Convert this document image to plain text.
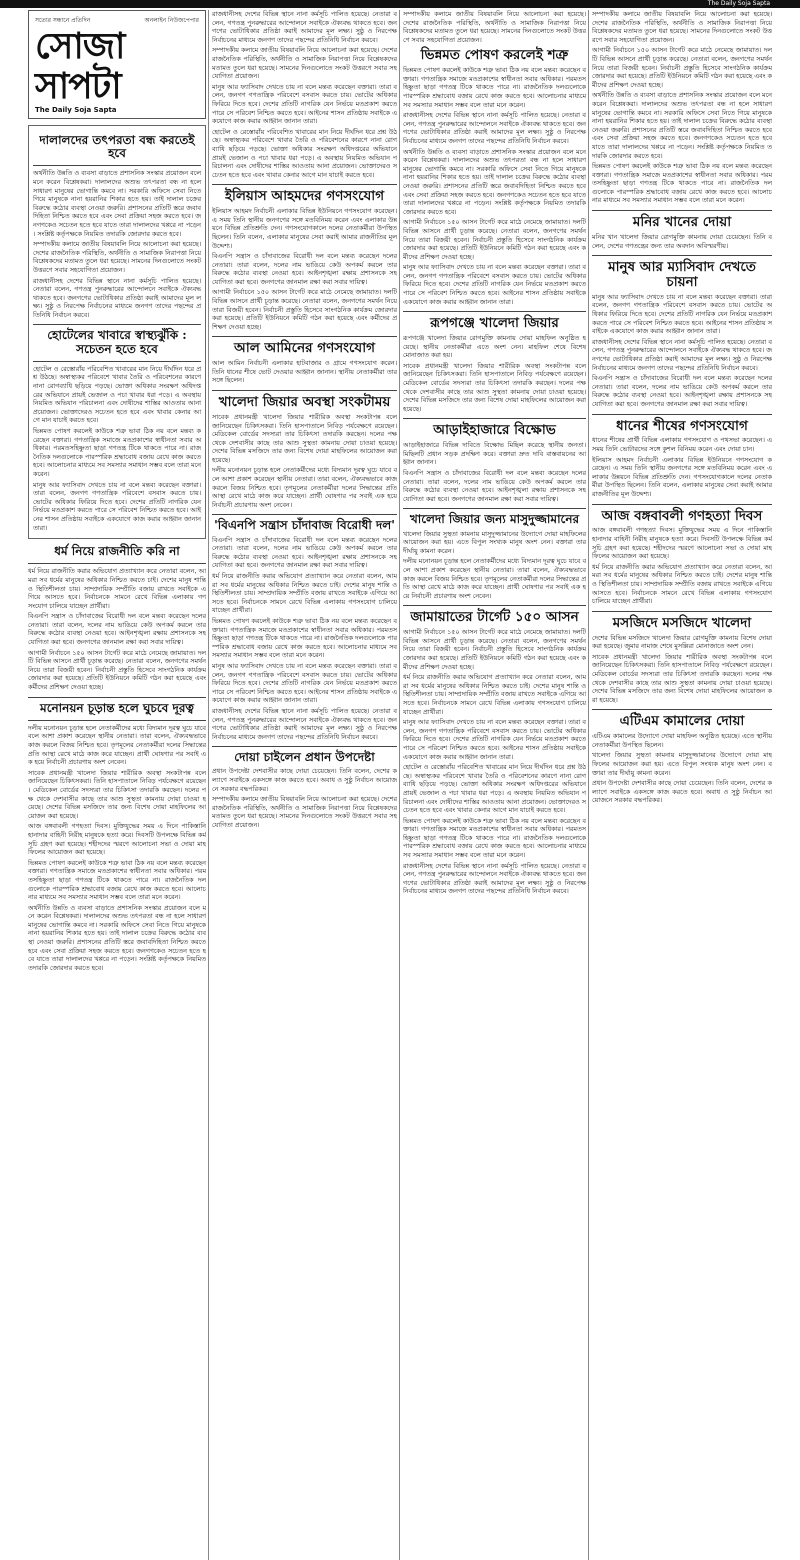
The Daily Soja Sapta
সত্যের সন্ধানে প্রতিদিন	অনলাইন নিউজপেপার
সোজা সাপটা
The Daily Soja Sapta
দালালদের তৎপরতা বন্ধ করতেই হবে

অর্থনীতি উন্নতি ও ব্যবসা বাড়াতে প্রশাসনিক সংস্কার প্রয়োজন বলে মনে করেন বিশ্লেষকরা। দালালদের অশুভ তৎপরতা বন্ধ না হলে সাধারণ মানুষের ভোগান্তি কমবে না। সরকারি অফিসে সেবা নিতে গিয়ে মানুষকে নানা হয়রানির শিকার হতে হয়। তাই দালাল চক্রের বিরুদ্ধে কঠোর ব্যবস্থা নেওয়া জরুরি। প্রশাসনের প্রতিটি স্তরে জবাবদিহিতা নিশ্চিত করতে হবে এবং সেবা প্রক্রিয়া সহজ করতে হবে। জনগণকেও সচেতন হতে হবে যাতে তারা দালালদের খপ্পরে না পড়েন। সংশ্লিষ্ট কর্তৃপক্ষকে নিয়মিত তদারকি জোরদার করতে হবে।

সম্পাদকীয় কলামে জাতীয় বিষয়াবলি নিয়ে আলোচনা করা হয়েছে। দেশের রাজনৈতিক পরিস্থিতি, অর্থনীতি ও সামাজিক নিরাপত্তা নিয়ে বিশ্লেষকদের মতামত তুলে ধরা হয়েছে। সামনের দিনগুলোতে সংকট উত্তরণে সবার সহযোগিতা প্রয়োজন।

রাজধানীসহ দেশের বিভিন্ন স্থানে নানা কর্মসূচি পালিত হয়েছে। নেতারা বলেন, গণতন্ত্র পুনরুদ্ধারের আন্দোলনে সবাইকে ঐক্যবদ্ধ থাকতে হবে। জনগণের ভোটাধিকার প্রতিষ্ঠা করাই আমাদের মূল লক্ষ্য। সুষ্ঠু ও নিরপেক্ষ নির্বাচনের মাধ্যমে জনগণ তাদের পছন্দের প্রতিনিধি নির্বাচন করবে।

হোটেলের খাবারে স্বাস্থ্যঝুঁকি : সচেতন হতে হবে

হোটেল ও রেস্তোরাঁয় পরিবেশিত খাবারের মান নিয়ে দীর্ঘদিন ধরে প্রশ্ন উঠছে। অস্বাস্থ্যকর পরিবেশে খাবার তৈরি ও পরিবেশনের কারণে নানা রোগব্যাধি ছড়িয়ে পড়ছে। ভোক্তা অধিকার সংরক্ষণ অধিদপ্তরের অভিযানে প্রায়ই ভেজাল ও পচা খাবার ধরা পড়ে। এ অবস্থায় নিয়মিত অভিযান পরিচালনা এবং দোষীদের শাস্তির আওতায় আনা প্রয়োজন। ভোক্তাদেরও সচেতন হতে হবে এবং খাবার কেনার আগে মান যাচাই করতে হবে।

ভিন্নমত পোষণ করলেই কাউকে শত্রু ভাবা ঠিক নয় বলে মন্তব্য করেছেন বক্তারা। গণতান্ত্রিক সমাজে মতপ্রকাশের স্বাধীনতা সবার অধিকার। পরমতসহিষ্ণুতা ছাড়া গণতন্ত্র টিকে থাকতে পারে না। রাজনৈতিক দলগুলোকে পারস্পরিক শ্রদ্ধাবোধ বজায় রেখে কাজ করতে হবে। আলোচনার মাধ্যমে সব সমস্যার সমাধান সম্ভব বলে তারা মনে করেন।

মানুষ আর ফ্যাসিবাদ দেখতে চায় না বলে মন্তব্য করেছেন বক্তারা। তারা বলেন, জনগণ গণতান্ত্রিক পরিবেশে বসবাস করতে চায়। ভোটের অধিকার ফিরিয়ে দিতে হবে। দেশের প্রতিটি নাগরিক যেন নির্ভয়ে মতপ্রকাশ করতে পারে সে পরিবেশ নিশ্চিত করতে হবে। আইনের শাসন প্রতিষ্ঠায় সবাইকে একযোগে কাজ করার আহ্বান জানান তারা।

ধর্ম নিয়ে রাজনীতি করি না

ধর্ম নিয়ে রাজনীতি করার অভিযোগ প্রত্যাখ্যান করে নেতারা বলেন, আমরা সব ধর্মের মানুষের অধিকার নিশ্চিত করতে চাই। দেশের মানুষ শান্তি ও স্থিতিশীলতা চায়। সাম্প্রদায়িক সম্প্রীতি বজায় রাখতে সবাইকে এগিয়ে আসতে হবে। নির্বাচনকে সামনে রেখে বিভিন্ন এলাকায় গণসংযোগ চালিয়ে যাচ্ছেন প্রার্থীরা।

বিএনপি সন্ত্রাস ও চাঁদাবাজের বিরোধী দল বলে মন্তব্য করেছেন দলের নেতারা। তারা বলেন, দলের নাম ভাঙিয়ে কেউ অপকর্ম করলে তার বিরুদ্ধে কঠোর ব্যবস্থা নেওয়া হবে। আইনশৃঙ্খলা রক্ষায় প্রশাসনকে সহযোগিতা করা হবে। জনগণের জানমাল রক্ষা করা সবার দায়িত্ব।

আগামী নির্বাচনে ১৫০ আসন টার্গেট করে মাঠে নেমেছে জামায়াত। দলটি বিভিন্ন আসনে প্রার্থী চূড়ান্ত করেছে। নেতারা বলেন, জনগণের সমর্থন নিয়ে তারা বিজয়ী হবেন। নির্বাচনী প্রস্তুতি হিসেবে সাংগঠনিক কার্যক্রম জোরদার করা হয়েছে। প্রতিটি ইউনিয়নে কমিটি গঠন করা হয়েছে এবং কর্মীদের প্রশিক্ষণ দেওয়া হচ্ছে।

মনোনয়ন চূড়ান্ত হলে ঘুচবে দূরত্ব

দলীয় মনোনয়ন চূড়ান্ত হলে নেতাকর্মীদের মধ্যে বিদ্যমান দূরত্ব ঘুচে যাবে বলে আশা প্রকাশ করেছেন স্থানীয় নেতারা। তারা বলেন, ঐক্যবদ্ধভাবে কাজ করলে বিজয় নিশ্চিত হবে। তৃণমূলের নেতাকর্মীরা দলের সিদ্ধান্তের প্রতি আস্থা রেখে মাঠে কাজ করে যাচ্ছেন। প্রার্থী ঘোষণার পর সবাই এক হয়ে নির্বাচনী প্রচারণায় অংশ নেবেন।

সাবেক প্রধানমন্ত্রী খালেদা জিয়ার শারীরিক অবস্থা সংকটাপন্ন বলে জানিয়েছেন চিকিৎসকরা। তিনি হাসপাতালে নিবিড় পর্যবেক্ষণে রয়েছেন। মেডিকেল বোর্ডের সদস্যরা তার চিকিৎসা তদারকি করছেন। দলের পক্ষ থেকে দেশবাসীর কাছে তার আশু সুস্থতা কামনায় দোয়া চাওয়া হয়েছে। দেশের বিভিন্ন মসজিদে তার জন্য বিশেষ দোয়া মাহফিলের আয়োজন করা হয়েছে।

আজ বঙ্গবাবলী গণহত্যা দিবস। মুক্তিযুদ্ধের সময় এ দিনে পাকিস্তানি হানাদার বাহিনী নিরীহ মানুষকে হত্যা করে। দিবসটি উপলক্ষে বিভিন্ন কর্মসূচি গ্রহণ করা হয়েছে। শহীদদের স্মরণে আলোচনা সভা ও দোয়া মাহফিলের আয়োজন করা হয়েছে।

ভিন্নমত পোষণ করলেই কাউকে শত্রু ভাবা ঠিক নয় বলে মন্তব্য করেছেন বক্তারা। গণতান্ত্রিক সমাজে মতপ্রকাশের স্বাধীনতা সবার অধিকার। পরমতসহিষ্ণুতা ছাড়া গণতন্ত্র টিকে থাকতে পারে না। রাজনৈতিক দলগুলোকে পারস্পরিক শ্রদ্ধাবোধ বজায় রেখে কাজ করতে হবে। আলোচনার মাধ্যমে সব সমস্যার সমাধান সম্ভব বলে তারা মনে করেন।

অর্থনীতি উন্নতি ও ব্যবসা বাড়াতে প্রশাসনিক সংস্কার প্রয়োজন বলে মনে করেন বিশ্লেষকরা। দালালদের অশুভ তৎপরতা বন্ধ না হলে সাধারণ মানুষের ভোগান্তি কমবে না। সরকারি অফিসে সেবা নিতে গিয়ে মানুষকে নানা হয়রানির শিকার হতে হয়। তাই দালাল চক্রের বিরুদ্ধে কঠোর ব্যবস্থা নেওয়া জরুরি। প্রশাসনের প্রতিটি স্তরে জবাবদিহিতা নিশ্চিত করতে হবে এবং সেবা প্রক্রিয়া সহজ করতে হবে। জনগণকেও সচেতন হতে হবে যাতে তারা দালালদের খপ্পরে না পড়েন। সংশ্লিষ্ট কর্তৃপক্ষকে নিয়মিত তদারকি জোরদার করতে হবে।

রাজধানীসহ দেশের বিভিন্ন স্থানে নানা কর্মসূচি পালিত হয়েছে। নেতারা বলেন, গণতন্ত্র পুনরুদ্ধারের আন্দোলনে সবাইকে ঐক্যবদ্ধ থাকতে হবে। জনগণের ভোটাধিকার প্রতিষ্ঠা করাই আমাদের মূল লক্ষ্য। সুষ্ঠু ও নিরপেক্ষ নির্বাচনের মাধ্যমে জনগণ তাদের পছন্দের প্রতিনিধি নির্বাচন করবে।

সম্পাদকীয় কলামে জাতীয় বিষয়াবলি নিয়ে আলোচনা করা হয়েছে। দেশের রাজনৈতিক পরিস্থিতি, অর্থনীতি ও সামাজিক নিরাপত্তা নিয়ে বিশ্লেষকদের মতামত তুলে ধরা হয়েছে। সামনের দিনগুলোতে সংকট উত্তরণে সবার সহযোগিতা প্রয়োজন।

মানুষ আর ফ্যাসিবাদ দেখতে চায় না বলে মন্তব্য করেছেন বক্তারা। তারা বলেন, জনগণ গণতান্ত্রিক পরিবেশে বসবাস করতে চায়। ভোটের অধিকার ফিরিয়ে দিতে হবে। দেশের প্রতিটি নাগরিক যেন নির্ভয়ে মতপ্রকাশ করতে পারে সে পরিবেশ নিশ্চিত করতে হবে। আইনের শাসন প্রতিষ্ঠায় সবাইকে একযোগে কাজ করার আহ্বান জানান তারা।

হোটেল ও রেস্তোরাঁয় পরিবেশিত খাবারের মান নিয়ে দীর্ঘদিন ধরে প্রশ্ন উঠছে। অস্বাস্থ্যকর পরিবেশে খাবার তৈরি ও পরিবেশনের কারণে নানা রোগব্যাধি ছড়িয়ে পড়ছে। ভোক্তা অধিকার সংরক্ষণ অধিদপ্তরের অভিযানে প্রায়ই ভেজাল ও পচা খাবার ধরা পড়ে। এ অবস্থায় নিয়মিত অভিযান পরিচালনা এবং দোষীদের শাস্তির আওতায় আনা প্রয়োজন। ভোক্তাদেরও সচেতন হতে হবে এবং খাবার কেনার আগে মান যাচাই করতে হবে।

ইলিয়াস আহমদের গণসংযোগ

ইলিয়াস আহমদ নির্বাচনী এলাকার বিভিন্ন ইউনিয়নে গণসংযোগ করেছেন। এ সময় তিনি স্থানীয় জনগণের সঙ্গে মতবিনিময় করেন এবং এলাকার উন্নয়নে বিভিন্ন প্রতিশ্রুতি দেন। গণসংযোগকালে দলের নেতাকর্মীরা উপস্থিত ছিলেন। তিনি বলেন, এলাকার মানুষের সেবা করাই আমার রাজনীতির মূল উদ্দেশ্য।

বিএনপি সন্ত্রাস ও চাঁদাবাজের বিরোধী দল বলে মন্তব্য করেছেন দলের নেতারা। তারা বলেন, দলের নাম ভাঙিয়ে কেউ অপকর্ম করলে তার বিরুদ্ধে কঠোর ব্যবস্থা নেওয়া হবে। আইনশৃঙ্খলা রক্ষায় প্রশাসনকে সহযোগিতা করা হবে। জনগণের জানমাল রক্ষা করা সবার দায়িত্ব।

আগামী নির্বাচনে ১৫০ আসন টার্গেট করে মাঠে নেমেছে জামায়াত। দলটি বিভিন্ন আসনে প্রার্থী চূড়ান্ত করেছে। নেতারা বলেন, জনগণের সমর্থন নিয়ে তারা বিজয়ী হবেন। নির্বাচনী প্রস্তুতি হিসেবে সাংগঠনিক কার্যক্রম জোরদার করা হয়েছে। প্রতিটি ইউনিয়নে কমিটি গঠন করা হয়েছে এবং কর্মীদের প্রশিক্ষণ দেওয়া হচ্ছে।

আল আমিনের গণসংযোগ

আল আমিন নির্বাচনী এলাকার হাটবাজার ও গ্রামে গণসংযোগ করেন। তিনি ধানের শীষে ভোট দেওয়ার আহ্বান জানান। স্থানীয় নেতাকর্মীরা তার সঙ্গে ছিলেন।

খালেদা জিয়ার অবস্থা সংকটাময়

সাবেক প্রধানমন্ত্রী খালেদা জিয়ার শারীরিক অবস্থা সংকটাপন্ন বলে জানিয়েছেন চিকিৎসকরা। তিনি হাসপাতালে নিবিড় পর্যবেক্ষণে রয়েছেন। মেডিকেল বোর্ডের সদস্যরা তার চিকিৎসা তদারকি করছেন। দলের পক্ষ থেকে দেশবাসীর কাছে তার আশু সুস্থতা কামনায় দোয়া চাওয়া হয়েছে। দেশের বিভিন্ন মসজিদে তার জন্য বিশেষ দোয়া মাহফিলের আয়োজন করা হয়েছে।

দলীয় মনোনয়ন চূড়ান্ত হলে নেতাকর্মীদের মধ্যে বিদ্যমান দূরত্ব ঘুচে যাবে বলে আশা প্রকাশ করেছেন স্থানীয় নেতারা। তারা বলেন, ঐক্যবদ্ধভাবে কাজ করলে বিজয় নিশ্চিত হবে। তৃণমূলের নেতাকর্মীরা দলের সিদ্ধান্তের প্রতি আস্থা রেখে মাঠে কাজ করে যাচ্ছেন। প্রার্থী ঘোষণার পর সবাই এক হয়ে নির্বাচনী প্রচারণায় অংশ নেবেন।

'বিএনপি সন্ত্রাস চাঁদাবাজ বিরোধী দল'

বিএনপি সন্ত্রাস ও চাঁদাবাজের বিরোধী দল বলে মন্তব্য করেছেন দলের নেতারা। তারা বলেন, দলের নাম ভাঙিয়ে কেউ অপকর্ম করলে তার বিরুদ্ধে কঠোর ব্যবস্থা নেওয়া হবে। আইনশৃঙ্খলা রক্ষায় প্রশাসনকে সহযোগিতা করা হবে। জনগণের জানমাল রক্ষা করা সবার দায়িত্ব।

ধর্ম নিয়ে রাজনীতি করার অভিযোগ প্রত্যাখ্যান করে নেতারা বলেন, আমরা সব ধর্মের মানুষের অধিকার নিশ্চিত করতে চাই। দেশের মানুষ শান্তি ও স্থিতিশীলতা চায়। সাম্প্রদায়িক সম্প্রীতি বজায় রাখতে সবাইকে এগিয়ে আসতে হবে। নির্বাচনকে সামনে রেখে বিভিন্ন এলাকায় গণসংযোগ চালিয়ে যাচ্ছেন প্রার্থীরা।

ভিন্নমত পোষণ করলেই কাউকে শত্রু ভাবা ঠিক নয় বলে মন্তব্য করেছেন বক্তারা। গণতান্ত্রিক সমাজে মতপ্রকাশের স্বাধীনতা সবার অধিকার। পরমতসহিষ্ণুতা ছাড়া গণতন্ত্র টিকে থাকতে পারে না। রাজনৈতিক দলগুলোকে পারস্পরিক শ্রদ্ধাবোধ বজায় রেখে কাজ করতে হবে। আলোচনার মাধ্যমে সব সমস্যার সমাধান সম্ভব বলে তারা মনে করেন।

মানুষ আর ফ্যাসিবাদ দেখতে চায় না বলে মন্তব্য করেছেন বক্তারা। তারা বলেন, জনগণ গণতান্ত্রিক পরিবেশে বসবাস করতে চায়। ভোটের অধিকার ফিরিয়ে দিতে হবে। দেশের প্রতিটি নাগরিক যেন নির্ভয়ে মতপ্রকাশ করতে পারে সে পরিবেশ নিশ্চিত করতে হবে। আইনের শাসন প্রতিষ্ঠায় সবাইকে একযোগে কাজ করার আহ্বান জানান তারা।

রাজধানীসহ দেশের বিভিন্ন স্থানে নানা কর্মসূচি পালিত হয়েছে। নেতারা বলেন, গণতন্ত্র পুনরুদ্ধারের আন্দোলনে সবাইকে ঐক্যবদ্ধ থাকতে হবে। জনগণের ভোটাধিকার প্রতিষ্ঠা করাই আমাদের মূল লক্ষ্য। সুষ্ঠু ও নিরপেক্ষ নির্বাচনের মাধ্যমে জনগণ তাদের পছন্দের প্রতিনিধি নির্বাচন করবে।

দোয়া চাইলেন প্রধান উপদেষ্টা

প্রধান উপদেষ্টা দেশবাসীর কাছে দোয়া চেয়েছেন। তিনি বলেন, দেশের কল্যাণে সবাইকে একসঙ্গে কাজ করতে হবে। অবাধ ও সুষ্ঠু নির্বাচন আয়োজনে সরকার বদ্ধপরিকর।

সম্পাদকীয় কলামে জাতীয় বিষয়াবলি নিয়ে আলোচনা করা হয়েছে। দেশের রাজনৈতিক পরিস্থিতি, অর্থনীতি ও সামাজিক নিরাপত্তা নিয়ে বিশ্লেষকদের মতামত তুলে ধরা হয়েছে। সামনের দিনগুলোতে সংকট উত্তরণে সবার সহযোগিতা প্রয়োজন।

সম্পাদকীয় কলামে জাতীয় বিষয়াবলি নিয়ে আলোচনা করা হয়েছে। দেশের রাজনৈতিক পরিস্থিতি, অর্থনীতি ও সামাজিক নিরাপত্তা নিয়ে বিশ্লেষকদের মতামত তুলে ধরা হয়েছে। সামনের দিনগুলোতে সংকট উত্তরণে সবার সহযোগিতা প্রয়োজন।

ভিন্নমত পোষণ করলেই শত্রু

ভিন্নমত পোষণ করলেই কাউকে শত্রু ভাবা ঠিক নয় বলে মন্তব্য করেছেন বক্তারা। গণতান্ত্রিক সমাজে মতপ্রকাশের স্বাধীনতা সবার অধিকার। পরমতসহিষ্ণুতা ছাড়া গণতন্ত্র টিকে থাকতে পারে না। রাজনৈতিক দলগুলোকে পারস্পরিক শ্রদ্ধাবোধ বজায় রেখে কাজ করতে হবে। আলোচনার মাধ্যমে সব সমস্যার সমাধান সম্ভব বলে তারা মনে করেন।

রাজধানীসহ দেশের বিভিন্ন স্থানে নানা কর্মসূচি পালিত হয়েছে। নেতারা বলেন, গণতন্ত্র পুনরুদ্ধারের আন্দোলনে সবাইকে ঐক্যবদ্ধ থাকতে হবে। জনগণের ভোটাধিকার প্রতিষ্ঠা করাই আমাদের মূল লক্ষ্য। সুষ্ঠু ও নিরপেক্ষ নির্বাচনের মাধ্যমে জনগণ তাদের পছন্দের প্রতিনিধি নির্বাচন করবে।

অর্থনীতি উন্নতি ও ব্যবসা বাড়াতে প্রশাসনিক সংস্কার প্রয়োজন বলে মনে করেন বিশ্লেষকরা। দালালদের অশুভ তৎপরতা বন্ধ না হলে সাধারণ মানুষের ভোগান্তি কমবে না। সরকারি অফিসে সেবা নিতে গিয়ে মানুষকে নানা হয়রানির শিকার হতে হয়। তাই দালাল চক্রের বিরুদ্ধে কঠোর ব্যবস্থা নেওয়া জরুরি। প্রশাসনের প্রতিটি স্তরে জবাবদিহিতা নিশ্চিত করতে হবে এবং সেবা প্রক্রিয়া সহজ করতে হবে। জনগণকেও সচেতন হতে হবে যাতে তারা দালালদের খপ্পরে না পড়েন। সংশ্লিষ্ট কর্তৃপক্ষকে নিয়মিত তদারকি জোরদার করতে হবে।

আগামী নির্বাচনে ১৫০ আসন টার্গেট করে মাঠে নেমেছে জামায়াত। দলটি বিভিন্ন আসনে প্রার্থী চূড়ান্ত করেছে। নেতারা বলেন, জনগণের সমর্থন নিয়ে তারা বিজয়ী হবেন। নির্বাচনী প্রস্তুতি হিসেবে সাংগঠনিক কার্যক্রম জোরদার করা হয়েছে। প্রতিটি ইউনিয়নে কমিটি গঠন করা হয়েছে এবং কর্মীদের প্রশিক্ষণ দেওয়া হচ্ছে।

মানুষ আর ফ্যাসিবাদ দেখতে চায় না বলে মন্তব্য করেছেন বক্তারা। তারা বলেন, জনগণ গণতান্ত্রিক পরিবেশে বসবাস করতে চায়। ভোটের অধিকার ফিরিয়ে দিতে হবে। দেশের প্রতিটি নাগরিক যেন নির্ভয়ে মতপ্রকাশ করতে পারে সে পরিবেশ নিশ্চিত করতে হবে। আইনের শাসন প্রতিষ্ঠায় সবাইকে একযোগে কাজ করার আহ্বান জানান তারা।

রূপগঞ্জে খালেদা জিয়ার

রূপগঞ্জে খালেদা জিয়ার রোগমুক্তি কামনায় দোয়া মাহফিল অনুষ্ঠিত হয়েছে। স্থানীয় নেতাকর্মীরা এতে অংশ নেন। মাহফিল শেষে বিশেষ মোনাজাত করা হয়।

সাবেক প্রধানমন্ত্রী খালেদা জিয়ার শারীরিক অবস্থা সংকটাপন্ন বলে জানিয়েছেন চিকিৎসকরা। তিনি হাসপাতালে নিবিড় পর্যবেক্ষণে রয়েছেন। মেডিকেল বোর্ডের সদস্যরা তার চিকিৎসা তদারকি করছেন। দলের পক্ষ থেকে দেশবাসীর কাছে তার আশু সুস্থতা কামনায় দোয়া চাওয়া হয়েছে। দেশের বিভিন্ন মসজিদে তার জন্য বিশেষ দোয়া মাহফিলের আয়োজন করা হয়েছে।

আড়াইহাজারে বিক্ষোভ

আড়াইহাজারে বিভিন্ন দাবিতে বিক্ষোভ মিছিল করেছে স্থানীয় জনতা। মিছিলটি প্রধান সড়ক প্রদক্ষিণ করে। বক্তারা দ্রুত দাবি বাস্তবায়নের আহ্বান জানান।

বিএনপি সন্ত্রাস ও চাঁদাবাজের বিরোধী দল বলে মন্তব্য করেছেন দলের নেতারা। তারা বলেন, দলের নাম ভাঙিয়ে কেউ অপকর্ম করলে তার বিরুদ্ধে কঠোর ব্যবস্থা নেওয়া হবে। আইনশৃঙ্খলা রক্ষায় প্রশাসনকে সহযোগিতা করা হবে। জনগণের জানমাল রক্ষা করা সবার দায়িত্ব।

খালেদা জিয়ার জন্য মাসুদুজ্জামানের

খালেদা জিয়ার সুস্থতা কামনায় মাসুদুজ্জামানের উদ্যোগে দোয়া মাহফিলের আয়োজন করা হয়। এতে বিপুল সংখ্যক মানুষ অংশ নেন। বক্তারা তার দীর্ঘায়ু কামনা করেন।

দলীয় মনোনয়ন চূড়ান্ত হলে নেতাকর্মীদের মধ্যে বিদ্যমান দূরত্ব ঘুচে যাবে বলে আশা প্রকাশ করেছেন স্থানীয় নেতারা। তারা বলেন, ঐক্যবদ্ধভাবে কাজ করলে বিজয় নিশ্চিত হবে। তৃণমূলের নেতাকর্মীরা দলের সিদ্ধান্তের প্রতি আস্থা রেখে মাঠে কাজ করে যাচ্ছেন। প্রার্থী ঘোষণার পর সবাই এক হয়ে নির্বাচনী প্রচারণায় অংশ নেবেন।

জামায়াতের টার্গেট ১৫০ আসন

আগামী নির্বাচনে ১৫০ আসন টার্গেট করে মাঠে নেমেছে জামায়াত। দলটি বিভিন্ন আসনে প্রার্থী চূড়ান্ত করেছে। নেতারা বলেন, জনগণের সমর্থন নিয়ে তারা বিজয়ী হবেন। নির্বাচনী প্রস্তুতি হিসেবে সাংগঠনিক কার্যক্রম জোরদার করা হয়েছে। প্রতিটি ইউনিয়নে কমিটি গঠন করা হয়েছে এবং কর্মীদের প্রশিক্ষণ দেওয়া হচ্ছে।

ধর্ম নিয়ে রাজনীতি করার অভিযোগ প্রত্যাখ্যান করে নেতারা বলেন, আমরা সব ধর্মের মানুষের অধিকার নিশ্চিত করতে চাই। দেশের মানুষ শান্তি ও স্থিতিশীলতা চায়। সাম্প্রদায়িক সম্প্রীতি বজায় রাখতে সবাইকে এগিয়ে আসতে হবে। নির্বাচনকে সামনে রেখে বিভিন্ন এলাকায় গণসংযোগ চালিয়ে যাচ্ছেন প্রার্থীরা।

মানুষ আর ফ্যাসিবাদ দেখতে চায় না বলে মন্তব্য করেছেন বক্তারা। তারা বলেন, জনগণ গণতান্ত্রিক পরিবেশে বসবাস করতে চায়। ভোটের অধিকার ফিরিয়ে দিতে হবে। দেশের প্রতিটি নাগরিক যেন নির্ভয়ে মতপ্রকাশ করতে পারে সে পরিবেশ নিশ্চিত করতে হবে। আইনের শাসন প্রতিষ্ঠায় সবাইকে একযোগে কাজ করার আহ্বান জানান তারা।

হোটেল ও রেস্তোরাঁয় পরিবেশিত খাবারের মান নিয়ে দীর্ঘদিন ধরে প্রশ্ন উঠছে। অস্বাস্থ্যকর পরিবেশে খাবার তৈরি ও পরিবেশনের কারণে নানা রোগব্যাধি ছড়িয়ে পড়ছে। ভোক্তা অধিকার সংরক্ষণ অধিদপ্তরের অভিযানে প্রায়ই ভেজাল ও পচা খাবার ধরা পড়ে। এ অবস্থায় নিয়মিত অভিযান পরিচালনা এবং দোষীদের শাস্তির আওতায় আনা প্রয়োজন। ভোক্তাদেরও সচেতন হতে হবে এবং খাবার কেনার আগে মান যাচাই করতে হবে।

ভিন্নমত পোষণ করলেই কাউকে শত্রু ভাবা ঠিক নয় বলে মন্তব্য করেছেন বক্তারা। গণতান্ত্রিক সমাজে মতপ্রকাশের স্বাধীনতা সবার অধিকার। পরমতসহিষ্ণুতা ছাড়া গণতন্ত্র টিকে থাকতে পারে না। রাজনৈতিক দলগুলোকে পারস্পরিক শ্রদ্ধাবোধ বজায় রেখে কাজ করতে হবে। আলোচনার মাধ্যমে সব সমস্যার সমাধান সম্ভব বলে তারা মনে করেন।

রাজধানীসহ দেশের বিভিন্ন স্থানে নানা কর্মসূচি পালিত হয়েছে। নেতারা বলেন, গণতন্ত্র পুনরুদ্ধারের আন্দোলনে সবাইকে ঐক্যবদ্ধ থাকতে হবে। জনগণের ভোটাধিকার প্রতিষ্ঠা করাই আমাদের মূল লক্ষ্য। সুষ্ঠু ও নিরপেক্ষ নির্বাচনের মাধ্যমে জনগণ তাদের পছন্দের প্রতিনিধি নির্বাচন করবে।

সম্পাদকীয় কলামে জাতীয় বিষয়াবলি নিয়ে আলোচনা করা হয়েছে। দেশের রাজনৈতিক পরিস্থিতি, অর্থনীতি ও সামাজিক নিরাপত্তা নিয়ে বিশ্লেষকদের মতামত তুলে ধরা হয়েছে। সামনের দিনগুলোতে সংকট উত্তরণে সবার সহযোগিতা প্রয়োজন।

আগামী নির্বাচনে ১৫০ আসন টার্গেট করে মাঠে নেমেছে জামায়াত। দলটি বিভিন্ন আসনে প্রার্থী চূড়ান্ত করেছে। নেতারা বলেন, জনগণের সমর্থন নিয়ে তারা বিজয়ী হবেন। নির্বাচনী প্রস্তুতি হিসেবে সাংগঠনিক কার্যক্রম জোরদার করা হয়েছে। প্রতিটি ইউনিয়নে কমিটি গঠন করা হয়েছে এবং কর্মীদের প্রশিক্ষণ দেওয়া হচ্ছে।

অর্থনীতি উন্নতি ও ব্যবসা বাড়াতে প্রশাসনিক সংস্কার প্রয়োজন বলে মনে করেন বিশ্লেষকরা। দালালদের অশুভ তৎপরতা বন্ধ না হলে সাধারণ মানুষের ভোগান্তি কমবে না। সরকারি অফিসে সেবা নিতে গিয়ে মানুষকে নানা হয়রানির শিকার হতে হয়। তাই দালাল চক্রের বিরুদ্ধে কঠোর ব্যবস্থা নেওয়া জরুরি। প্রশাসনের প্রতিটি স্তরে জবাবদিহিতা নিশ্চিত করতে হবে এবং সেবা প্রক্রিয়া সহজ করতে হবে। জনগণকেও সচেতন হতে হবে যাতে তারা দালালদের খপ্পরে না পড়েন। সংশ্লিষ্ট কর্তৃপক্ষকে নিয়মিত তদারকি জোরদার করতে হবে।

ভিন্নমত পোষণ করলেই কাউকে শত্রু ভাবা ঠিক নয় বলে মন্তব্য করেছেন বক্তারা। গণতান্ত্রিক সমাজে মতপ্রকাশের স্বাধীনতা সবার অধিকার। পরমতসহিষ্ণুতা ছাড়া গণতন্ত্র টিকে থাকতে পারে না। রাজনৈতিক দলগুলোকে পারস্পরিক শ্রদ্ধাবোধ বজায় রেখে কাজ করতে হবে। আলোচনার মাধ্যমে সব সমস্যার সমাধান সম্ভব বলে তারা মনে করেন।

মনির খানের দোয়া

মনির খান খালেদা জিয়ার রোগমুক্তি কামনায় দোয়া চেয়েছেন। তিনি বলেন, দেশের গণতন্ত্রের জন্য তার অবদান অবিস্মরণীয়।

মানুষ আর ম্যাসিবাদ দেখতে চায়না

মানুষ আর ফ্যাসিবাদ দেখতে চায় না বলে মন্তব্য করেছেন বক্তারা। তারা বলেন, জনগণ গণতান্ত্রিক পরিবেশে বসবাস করতে চায়। ভোটের অধিকার ফিরিয়ে দিতে হবে। দেশের প্রতিটি নাগরিক যেন নির্ভয়ে মতপ্রকাশ করতে পারে সে পরিবেশ নিশ্চিত করতে হবে। আইনের শাসন প্রতিষ্ঠায় সবাইকে একযোগে কাজ করার আহ্বান জানান তারা।

রাজধানীসহ দেশের বিভিন্ন স্থানে নানা কর্মসূচি পালিত হয়েছে। নেতারা বলেন, গণতন্ত্র পুনরুদ্ধারের আন্দোলনে সবাইকে ঐক্যবদ্ধ থাকতে হবে। জনগণের ভোটাধিকার প্রতিষ্ঠা করাই আমাদের মূল লক্ষ্য। সুষ্ঠু ও নিরপেক্ষ নির্বাচনের মাধ্যমে জনগণ তাদের পছন্দের প্রতিনিধি নির্বাচন করবে।

বিএনপি সন্ত্রাস ও চাঁদাবাজের বিরোধী দল বলে মন্তব্য করেছেন দলের নেতারা। তারা বলেন, দলের নাম ভাঙিয়ে কেউ অপকর্ম করলে তার বিরুদ্ধে কঠোর ব্যবস্থা নেওয়া হবে। আইনশৃঙ্খলা রক্ষায় প্রশাসনকে সহযোগিতা করা হবে। জনগণের জানমাল রক্ষা করা সবার দায়িত্ব।

ধানের শীষের গণসংযোগ

ধানের শীষের প্রার্থী বিভিন্ন এলাকায় গণসংযোগ ও পথসভা করেছেন। এ সময় তিনি ভোটারদের সঙ্গে কুশল বিনিময় করেন এবং দোয়া চান।

ইলিয়াস আহমদ নির্বাচনী এলাকার বিভিন্ন ইউনিয়নে গণসংযোগ করেছেন। এ সময় তিনি স্থানীয় জনগণের সঙ্গে মতবিনিময় করেন এবং এলাকার উন্নয়নে বিভিন্ন প্রতিশ্রুতি দেন। গণসংযোগকালে দলের নেতাকর্মীরা উপস্থিত ছিলেন। তিনি বলেন, এলাকার মানুষের সেবা করাই আমার রাজনীতির মূল উদ্দেশ্য।

আজ বঙ্গবাবলী গণহত্যা দিবস

আজ বঙ্গবাবলী গণহত্যা দিবস। মুক্তিযুদ্ধের সময় এ দিনে পাকিস্তানি হানাদার বাহিনী নিরীহ মানুষকে হত্যা করে। দিবসটি উপলক্ষে বিভিন্ন কর্মসূচি গ্রহণ করা হয়েছে। শহীদদের স্মরণে আলোচনা সভা ও দোয়া মাহফিলের আয়োজন করা হয়েছে।

ধর্ম নিয়ে রাজনীতি করার অভিযোগ প্রত্যাখ্যান করে নেতারা বলেন, আমরা সব ধর্মের মানুষের অধিকার নিশ্চিত করতে চাই। দেশের মানুষ শান্তি ও স্থিতিশীলতা চায়। সাম্প্রদায়িক সম্প্রীতি বজায় রাখতে সবাইকে এগিয়ে আসতে হবে। নির্বাচনকে সামনে রেখে বিভিন্ন এলাকায় গণসংযোগ চালিয়ে যাচ্ছেন প্রার্থীরা।

মসজিদে মসজিদে খালেদা

দেশের বিভিন্ন মসজিদে খালেদা জিয়ার রোগমুক্তি কামনায় বিশেষ দোয়া করা হয়েছে। জুমার নামাজ শেষে মুসল্লিরা মোনাজাতে অংশ নেন।

সাবেক প্রধানমন্ত্রী খালেদা জিয়ার শারীরিক অবস্থা সংকটাপন্ন বলে জানিয়েছেন চিকিৎসকরা। তিনি হাসপাতালে নিবিড় পর্যবেক্ষণে রয়েছেন। মেডিকেল বোর্ডের সদস্যরা তার চিকিৎসা তদারকি করছেন। দলের পক্ষ থেকে দেশবাসীর কাছে তার আশু সুস্থতা কামনায় দোয়া চাওয়া হয়েছে। দেশের বিভিন্ন মসজিদে তার জন্য বিশেষ দোয়া মাহফিলের আয়োজন করা হয়েছে।

এটিএম কামালের দোয়া

এটিএম কামালের উদ্যোগে দোয়া মাহফিল অনুষ্ঠিত হয়েছে। এতে স্থানীয় নেতাকর্মীরা উপস্থিত ছিলেন।

খালেদা জিয়ার সুস্থতা কামনায় মাসুদুজ্জামানের উদ্যোগে দোয়া মাহফিলের আয়োজন করা হয়। এতে বিপুল সংখ্যক মানুষ অংশ নেন। বক্তারা তার দীর্ঘায়ু কামনা করেন।

প্রধান উপদেষ্টা দেশবাসীর কাছে দোয়া চেয়েছেন। তিনি বলেন, দেশের কল্যাণে সবাইকে একসঙ্গে কাজ করতে হবে। অবাধ ও সুষ্ঠু নির্বাচন আয়োজনে সরকার বদ্ধপরিকর।
